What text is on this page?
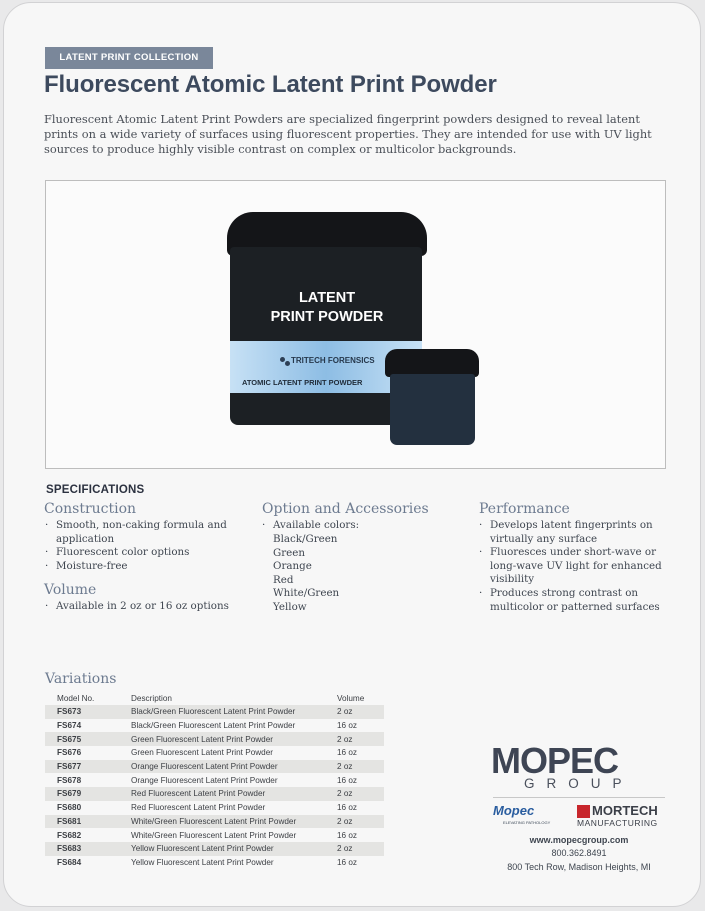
LATENT PRINT COLLECTION
Fluorescent Atomic Latent Print Powder

Fluorescent Atomic Latent Print Powders are specialized fingerprint powders designed to reveal latent prints on a wide variety of surfaces using fluorescent properties. They are intended for use with UV light sources to produce highly visible contrast on complex or multicolor backgrounds.

LATENT
PRINT POWDER
TRITECH FORENSICS
ATOMIC LATENT PRINT POWDER
SPECIFICATIONS
Construction
· Smooth, non-caking formula and application
· Fluorescent color options
· Moisture-free
Volume
· Available in 2 oz or 16 oz options
Option and Accessories
· Available colors:
Black/Green
Green
Orange
Red
White/Green
Yellow
Performance
· Develops latent fingerprints on virtually any surface
· Fluoresces under short-wave or long-wave UV light for enhanced visibility
· Produces strong contrast on multicolor or patterned surfaces
Variations
Model No.	Description	Volume
FS673	Black/Green Fluorescent Latent Print Powder	2 oz
FS674	Black/Green Fluorescent Latent Print Powder	16 oz
FS675	Green Fluorescent Latent Print Powder	2 oz
FS676	Green Fluorescent Latent Print Powder	16 oz
FS677	Orange Fluorescent Latent Print Powder	2 oz
FS678	Orange Fluorescent Latent Print Powder	16 oz
FS679	Red Fluorescent Latent Print Powder	2 oz
FS680	Red Fluorescent Latent Print Powder	16 oz
FS681	White/Green Fluorescent Latent Print Powder	2 oz
FS682	White/Green Fluorescent Latent Print Powder	16 oz
FS683	Yellow Fluorescent Latent Print Powder	2 oz
FS684	Yellow Fluorescent Latent Print Powder	16 oz
MOPEC
GROUP
Mopec
ELEVATING PATHOLOGY
MORTECH
MANUFACTURING
www.mopecgroup.com
800.362.8491
800 Tech Row, Madison Heights, MI
